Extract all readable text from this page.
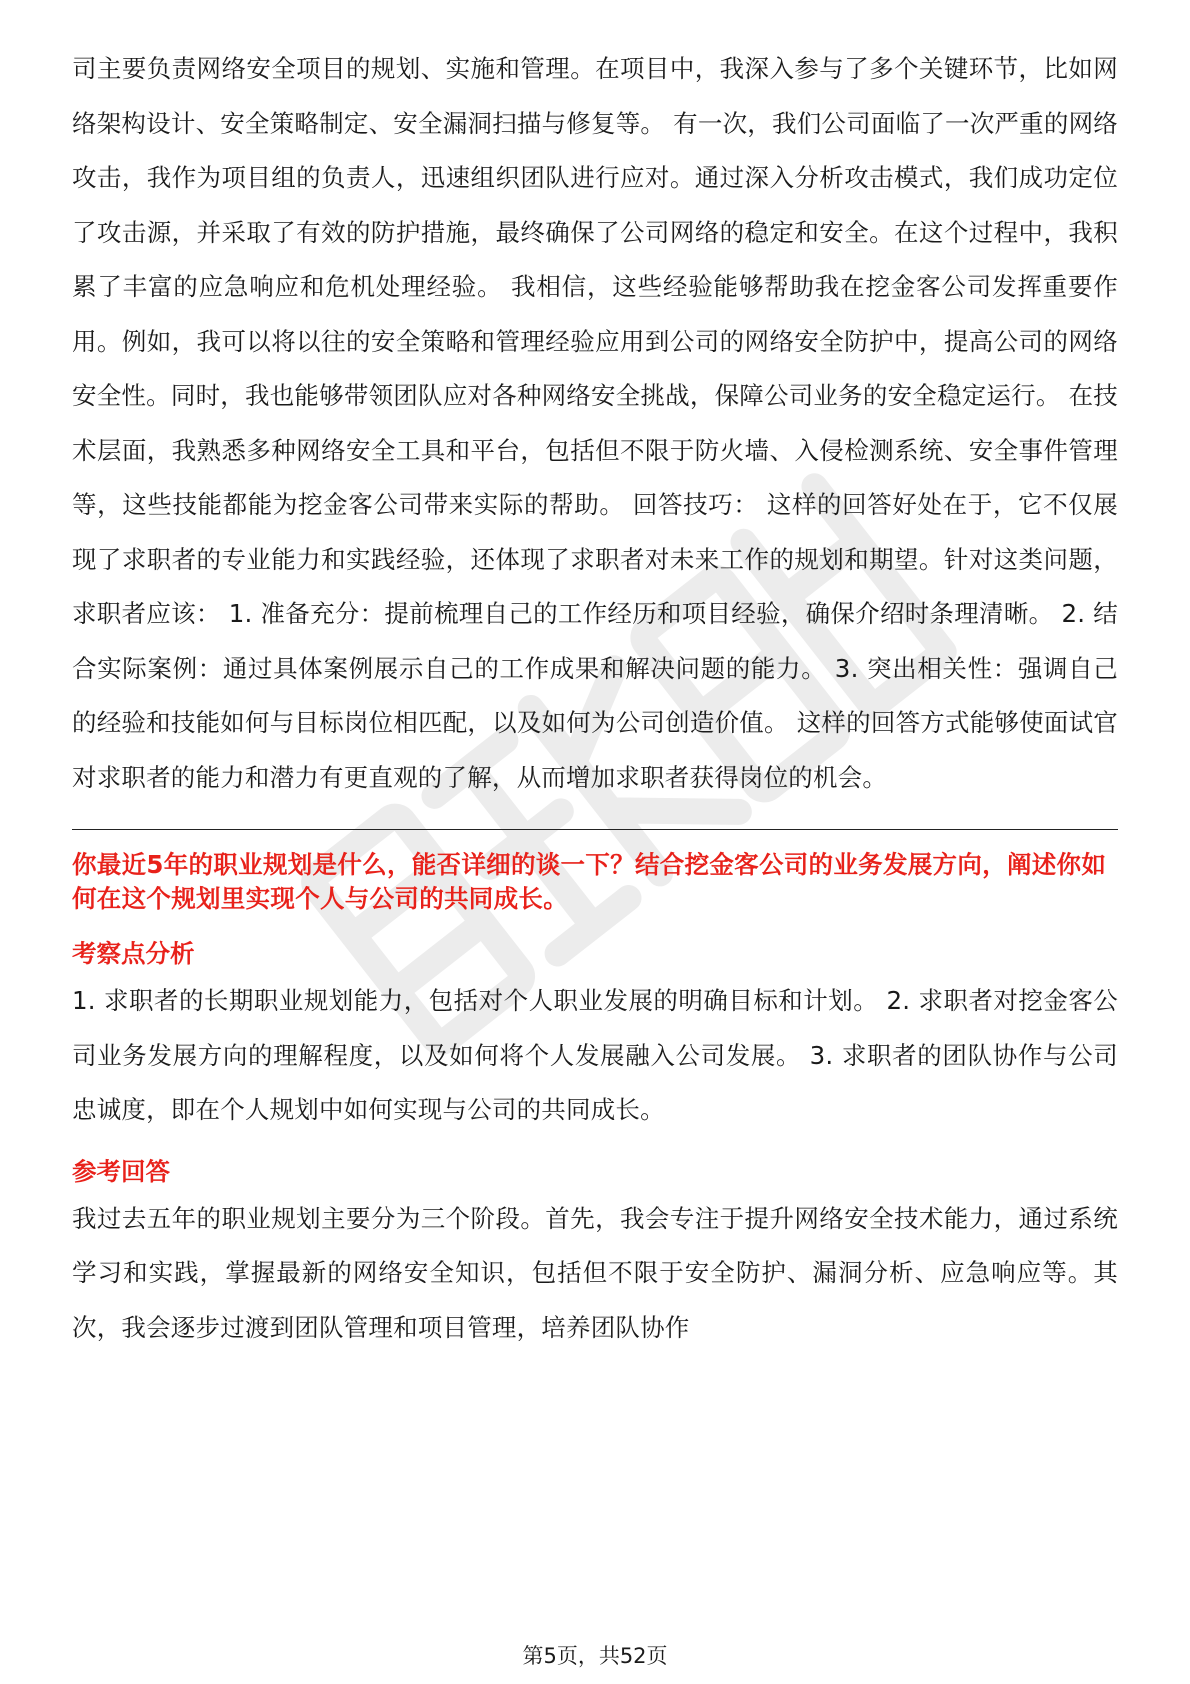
司主要负责网络安全项目的规划、实施和管理。在项目中，我深入参与了多个关键环节，比如网络架构设计、安全策略制定、安全漏洞扫描与修复等。 有一次，我们公司面临了一次严重的网络攻击，我作为项目组的负责人，迅速组织团队进行应对。通过深入分析攻击模式，我们成功定位了攻击源，并采取了有效的防护措施，最终确保了公司网络的稳定和安全。在这个过程中，我积累了丰富的应急响应和危机处理经验。 我相信，这些经验能够帮助我在挖金客公司发挥重要作用。例如，我可以将以往的安全策略和管理经验应用到公司的网络安全防护中，提高公司的网络安全性。同时，我也能够带领团队应对各种网络安全挑战，保障公司业务的安全稳定运行。 在技术层面，我熟悉多种网络安全工具和平台，包括但不限于防火墙、入侵检测系统、安全事件管理等，这些技能都能为挖金客公司带来实际的帮助。 回答技巧： 这样的回答好处在于，它不仅展现了求职者的专业能力和实践经验，还体现了求职者对未来工作的规划和期望。针对这类问题，求职者应该： 1. 准备充分：提前梳理自己的工作经历和项目经验，确保介绍时条理清晰。 2. 结合实际案例：通过具体案例展示自己的工作成果和解决问题的能力。 3. 突出相关性：强调自己的经验和技能如何与目标岗位相匹配，以及如何为公司创造价值。 这样的回答方式能够使面试官对求职者的能力和潜力有更直观的了解，从而增加求职者获得岗位的机会。

你最近5年的职业规划是什么，能否详细的谈一下？结合挖金客公司的业务发展方向，阐述你如何在这个规划里实现个人与公司的共同成长。

考察点分析

1. 求职者的长期职业规划能力，包括对个人职业发展的明确目标和计划。 2. 求职者对挖金客公司业务发展方向的理解程度，以及如何将个人发展融入公司发展。 3. 求职者的团队协作与公司忠诚度，即在个人规划中如何实现与公司的共同成长。

参考回答

我过去五年的职业规划主要分为三个阶段。首先，我会专注于提升网络安全技术能力，通过系统学习和实践，掌握最新的网络安全知识，包括但不限于安全防护、漏洞分析、应急响应等。其次，我会逐步过渡到团队管理和项目管理，培养团队协作

第5页，共52页
